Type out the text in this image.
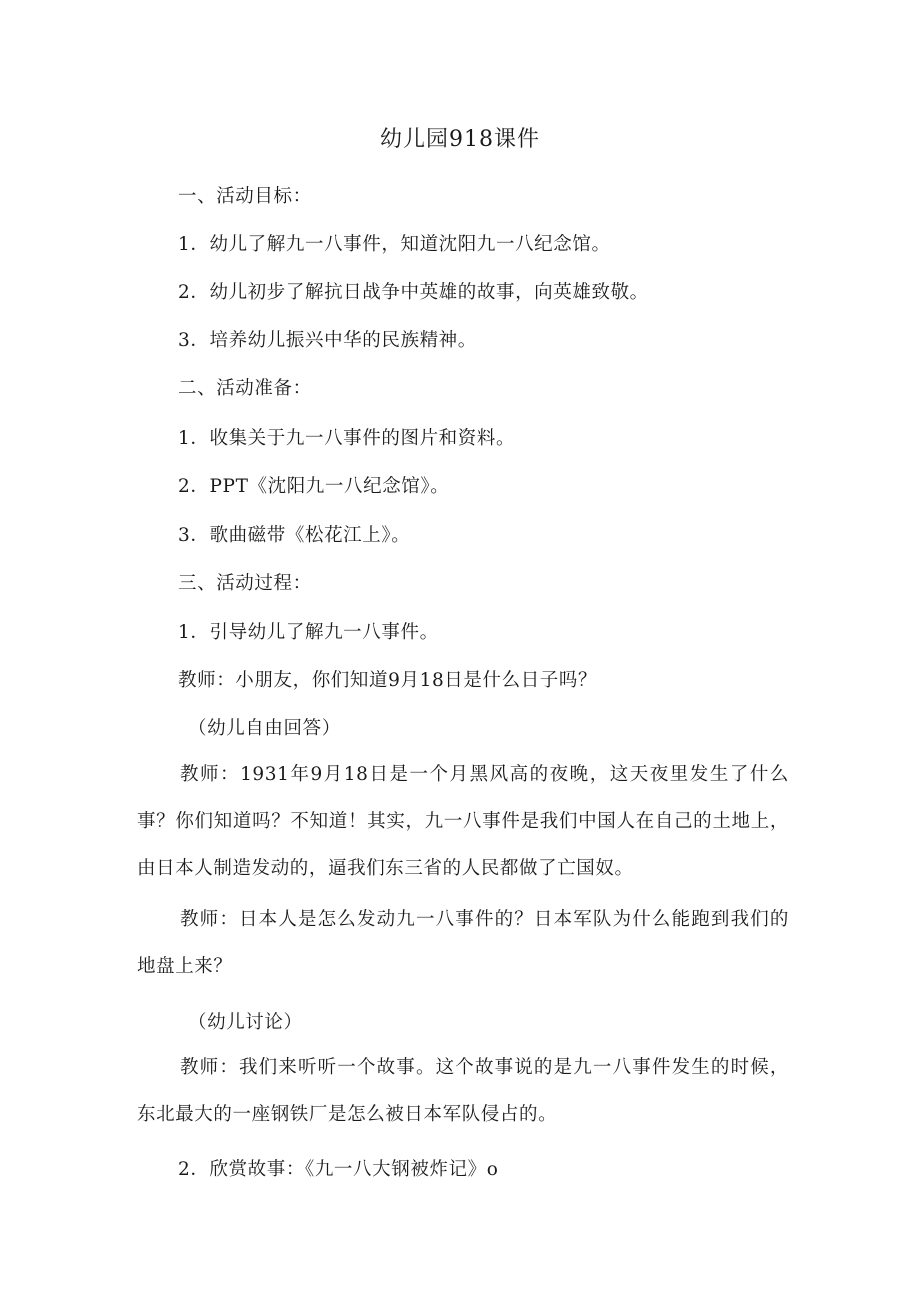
幼儿园918课件
一、活动目标：
1．幼儿了解九一八事件，知道沈阳九一八纪念馆。
2．幼儿初步了解抗日战争中英雄的故事，向英雄致敬。
3．培养幼儿振兴中华的民族精神。
二、活动准备：
1．收集关于九一八事件的图片和资料。
2．PPT《沈阳九一八纪念馆》。
3．歌曲磁带《松花江上》。
三、活动过程：
1．引导幼儿了解九一八事件。
教师：小朋友，你们知道9月18日是什么日子吗？
（幼儿自由回答）
教师：1931年9月18日是一个月黑风高的夜晚，这天夜里发生了什么事？你们知道吗？不知道！其实，九一八事件是我们中国人在自己的土地上，由日本人制造发动的，逼我们东三省的人民都做了亡国奴。
教师：日本人是怎么发动九一八事件的？日本军队为什么能跑到我们的地盘上来？
（幼儿讨论）
教师：我们来听听一个故事。这个故事说的是九一八事件发生的时候，东北最大的一座钢铁厂是怎么被日本军队侵占的。
2．欣赏故事：《九一八大钢被炸记》o
